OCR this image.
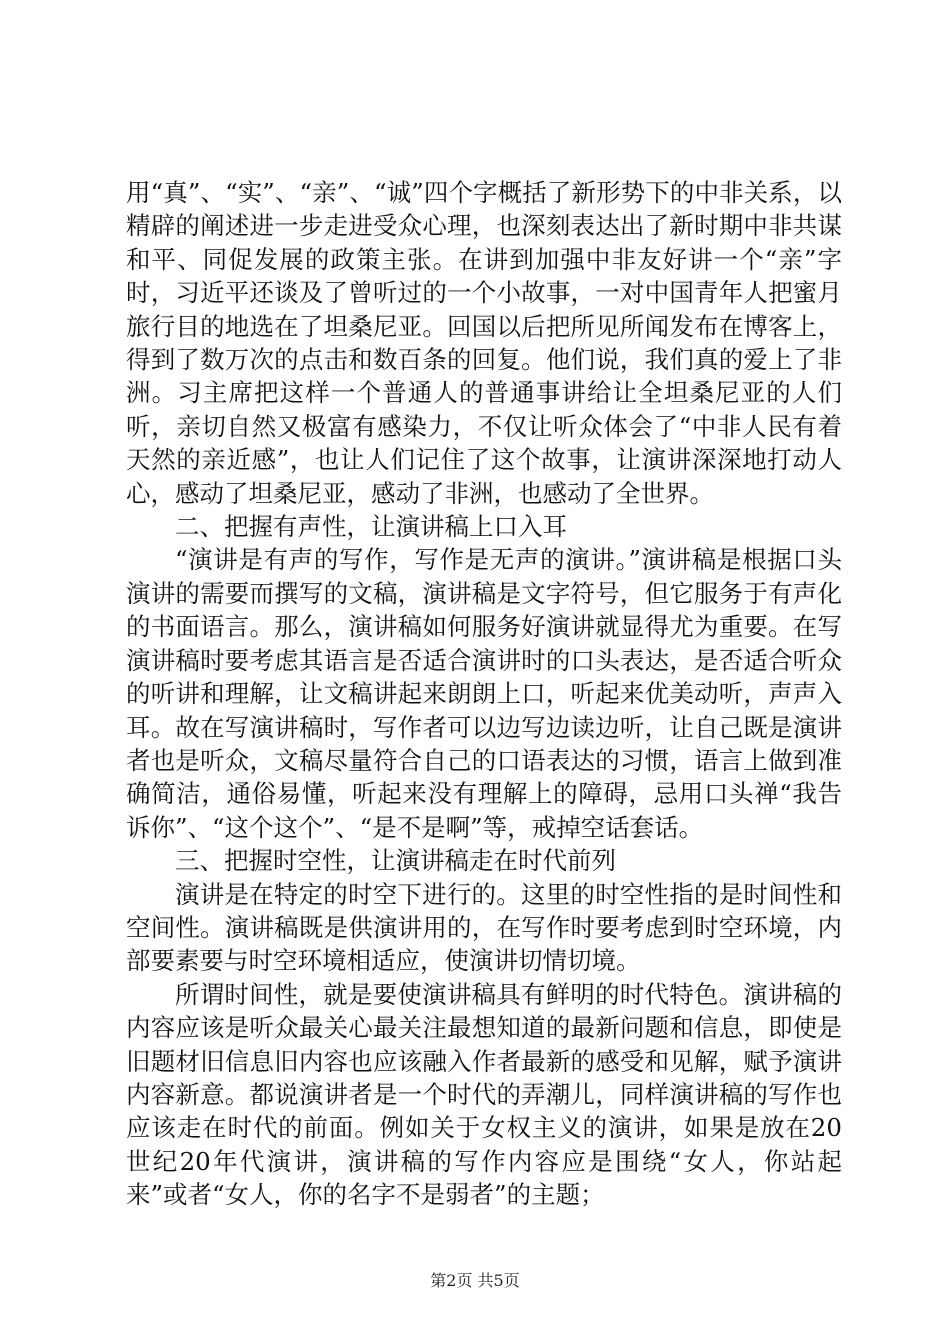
用“真”、“实”、“亲”、“诚”四个字概括了新形势下的中非关系，以精辟的阐述进一步走进受众心理，也深刻表达出了新时期中非共谋和平、同促发展的政策主张。在讲到加强中非友好讲一个“亲”字时，习近平还谈及了曾听过的一个小故事，一对中国青年人把蜜月旅行目的地选在了坦桑尼亚。回国以后把所见所闻发布在博客上，得到了数万次的点击和数百条的回复。他们说，我们真的爱上了非洲。习主席把这样一个普通人的普通事讲给让全坦桑尼亚的人们听，亲切自然又极富有感染力，不仅让听众体会了“中非人民有着天然的亲近感”，也让人们记住了这个故事，让演讲深深地打动人心，感动了坦桑尼亚，感动了非洲，也感动了全世界。

二、把握有声性，让演讲稿上口入耳

“演讲是有声的写作，写作是无声的演讲。”演讲稿是根据口头演讲的需要而撰写的文稿，演讲稿是文字符号，但它服务于有声化的书面语言。那么，演讲稿如何服务好演讲就显得尤为重要。在写演讲稿时要考虑其语言是否适合演讲时的口头表达，是否适合听众的听讲和理解，让文稿讲起来朗朗上口，听起来优美动听，声声入耳。故在写演讲稿时，写作者可以边写边读边听，让自己既是演讲者也是听众，文稿尽量符合自己的口语表达的习惯，语言上做到准确简洁，通俗易懂，听起来没有理解上的障碍，忌用口头禅“我告诉你”、“这个这个”、“是不是啊”等，戒掉空话套话。

三、把握时空性，让演讲稿走在时代前列

演讲是在特定的时空下进行的。这里的时空性指的是时间性和空间性。演讲稿既是供演讲用的，在写作时要考虑到时空环境，内部要素要与时空环境相适应，使演讲切情切境。

所谓时间性，就是要使演讲稿具有鲜明的时代特色。演讲稿的内容应该是听众最关心最关注最想知道的最新问题和信息，即使是旧题材旧信息旧内容也应该融入作者最新的感受和见解，赋予演讲内容新意。都说演讲者是一个时代的弄潮儿，同样演讲稿的写作也应该走在时代的前面。例如关于女权主义的演讲，如果是放在20世纪20年代演讲，演讲稿的写作内容应是围绕“女人，你站起来”或者“女人，你的名字不是弱者”的主题；

第2页 共5页
